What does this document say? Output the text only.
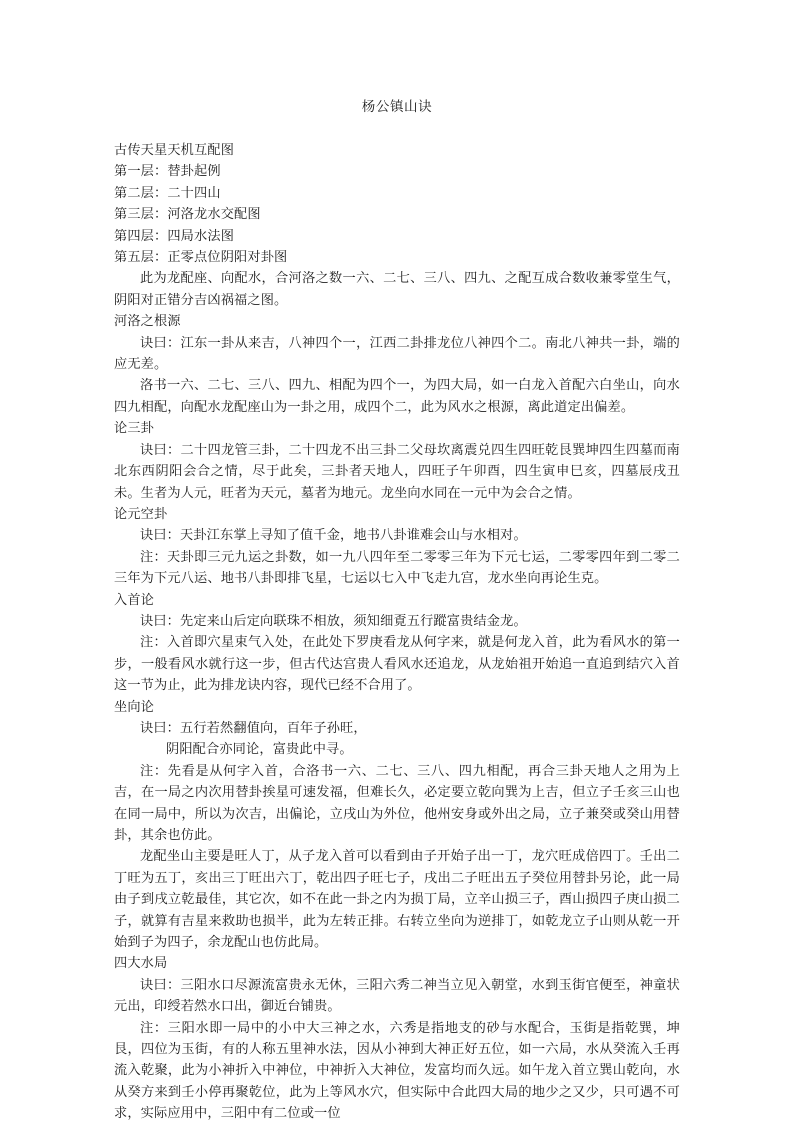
杨公镇山诀

古传天星天机互配图

第一层：替卦起例

第二层：二十四山

第三层：河洛龙水交配图

第四层：四局水法图

第五层：正零点位阴阳对卦图

此为龙配座、向配水，合河洛之数一六、二七、三八、四九、之配互成合数收兼零堂生气，阴阳对正错分吉凶祸福之图。

河洛之根源

诀曰：江东一卦从来吉，八神四个一，江西二卦排龙位八神四个二。南北八神共一卦，端的应无差。

洛书一六、二七、三八、四九、相配为四个一，为四大局，如一白龙入首配六白坐山，向水四九相配，向配水龙配座山为一卦之用，成四个二，此为风水之根源，离此道定出偏差。

论三卦

诀曰：二十四龙管三卦，二十四龙不出三卦二父母坎离震兑四生四旺乾艮巽坤四生四墓而南北东西阴阳会合之情，尽于此矣，三卦者天地人，四旺子午卯酉，四生寅申巳亥，四墓辰戌丑未。生者为人元，旺者为天元，墓者为地元。龙坐向水同在一元中为会合之情。

论元空卦

诀曰：天卦江东掌上寻知了值千金，地书八卦谁难会山与水相对。

注：天卦即三元九运之卦数，如一九八四年至二零零三年为下元七运，二零零四年到二零二三年为下元八运、地书八卦即排飞星，七运以七入中飞走九宫，龙水坐向再论生克。

入首论

诀曰：先定来山后定向联珠不相放，须知细覔五行蹤富贵结金龙。

注：入首即穴星束气入处，在此处下罗庚看龙从何字来，就是何龙入首，此为看风水的第一步，一般看风水就行这一步，但古代达宫贵人看风水还追龙，从龙始祖开始追一直追到结穴入首这一节为止，此为排龙诀内容，现代已经不合用了。

坐向论

诀曰：五行若然翻值向，百年子孙旺，

阴阳配合亦同论，富贵此中寻。

注：先看是从何字入首，合洛书一六、二七、三八、四九相配，再合三卦天地人之用为上吉，在一局之内次用替卦挨星可速发福，但难长久，必定要立乾向巽为上吉，但立子壬亥三山也在同一局中，所以为次吉，出偏论，立戌山为外位，他州安身或外出之局，立子兼癸或癸山用替卦，其余也仿此。

龙配坐山主要是旺人丁，从子龙入首可以看到由子开始子出一丁，龙穴旺成倍四丁。壬出二丁旺为五丁，亥出三丁旺出六丁，乾出四子旺七子，戌出二子旺出五子癸位用替卦另论，此一局由子到戌立乾最佳，其它次，如不在此一卦之内为损丁局，立辛山损三子，酉山损四子庚山损二子，就算有吉星来救助也损半，此为左转正排。右转立坐向为逆排丁，如乾龙立子山则从乾一开始到子为四子，余龙配山也仿此局。

四大水局

诀曰：三阳水口尽源流富贵永无休，三阳六秀二神当立见入朝堂，水到玉街官便至，神童状元出，印绶若然水口出，御近台铺贵。

注：三阳水即一局中的小中大三神之水，六秀是指地支的砂与水配合，玉街是指乾巽，坤艮，四位为玉街，有的人称五里神水法，因从小神到大神正好五位，如一六局，水从癸流入壬再流入乾聚，此为小神折入中神位，中神折入大神位，发富均而久远。如午龙入首立巽山乾向，水从癸方来到壬小停再聚乾位，此为上等风水穴，但实际中合此四大局的地少之又少，只可遇不可求，实际应用中，三阳中有二位或一位
